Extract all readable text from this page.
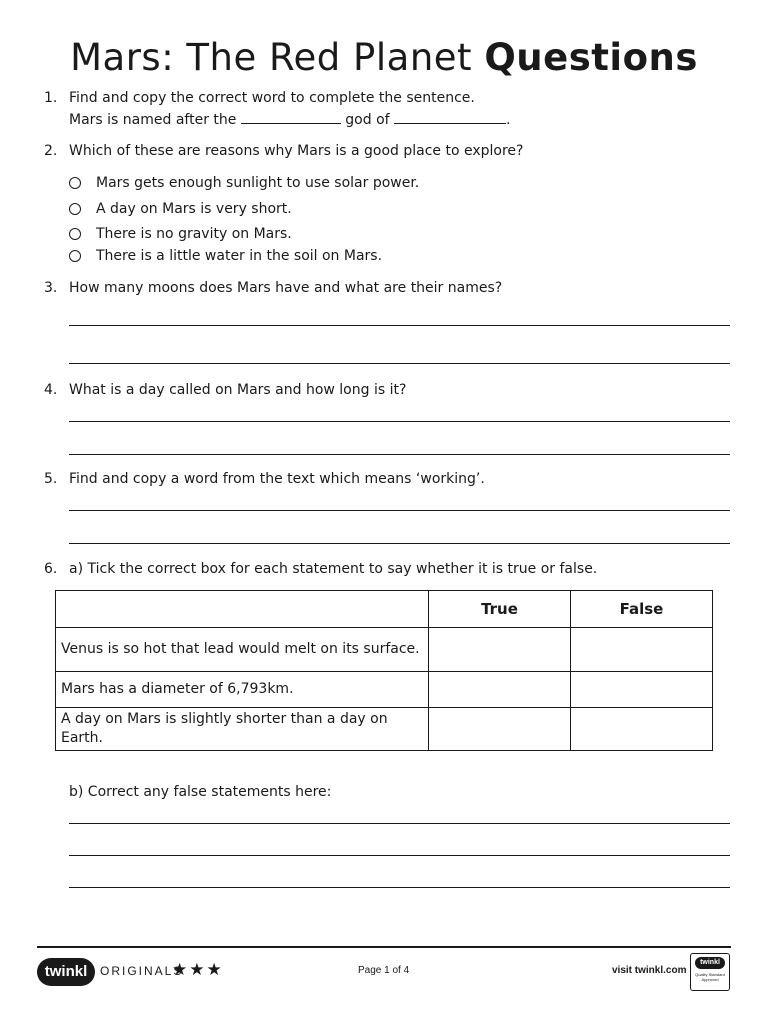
Mars: The Red Planet Questions
1. Find and copy the correct word to complete the sentence.
Mars is named after the	god of	.
2. Which of these are reasons why Mars is a good place to explore?
Mars gets enough sunlight to use solar power.
A day on Mars is very short.
There is no gravity on Mars.
There is a little water in the soil on Mars.
3. How many moons does Mars have and what are their names?
4. What is a day called on Mars and how long is it?
5. Find and copy a word from the text which means ‘working’.
6. a) Tick the correct box for each statement to say whether it is true or false.
	True	False
Venus is so hot that lead would melt on its surface.		
Mars has a diameter of 6,793km.		
A day on Mars is slightly shorter than a day on Earth.		
b) Correct any false statements here:
twinkl	ORIGINALS
★★★	Page 1 of 4	visit twinkl.com
twinkl
Quality Standard Approved
